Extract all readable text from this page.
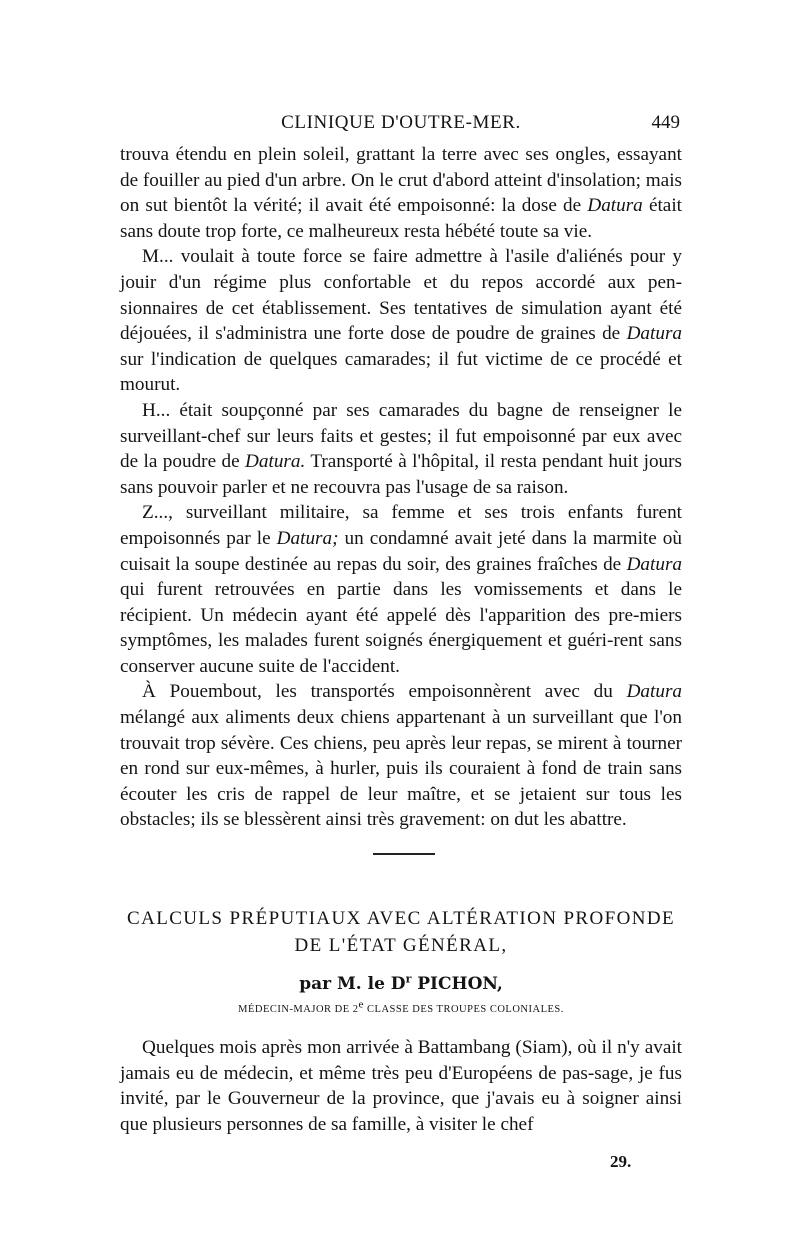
CLINIQUE D'OUTRE-MER.	449

trouva étendu en plein soleil, grattant la terre avec ses ongles, essayant de fouiller au pied d'un arbre. On le crut d'abord atteint d'insolation; mais on sut bientôt la vérité; il avait été empoisonné: la dose de Datura était sans doute trop forte, ce malheureux resta hébété toute sa vie.

M... voulait à toute force se faire admettre à l'asile d'aliénés pour y jouir d'un régime plus confortable et du repos accordé aux pen-sionnaires de cet établissement. Ses tentatives de simulation ayant été déjouées, il s'administra une forte dose de poudre de graines de Datura sur l'indication de quelques camarades; il fut victime de ce procédé et mourut.

H... était soupçonné par ses camarades du bagne de renseigner le surveillant-chef sur leurs faits et gestes; il fut empoisonné par eux avec de la poudre de Datura. Transporté à l'hôpital, il resta pendant huit jours sans pouvoir parler et ne recouvra pas l'usage de sa raison.

Z..., surveillant militaire, sa femme et ses trois enfants furent empoisonnés par le Datura; un condamné avait jeté dans la marmite où cuisait la soupe destinée au repas du soir, des graines fraîches de Datura qui furent retrouvées en partie dans les vomissements et dans le récipient. Un médecin ayant été appelé dès l'apparition des pre-miers symptômes, les malades furent soignés énergiquement et guéri-rent sans conserver aucune suite de l'accident.

À Pouembout, les transportés empoisonnèrent avec du Datura mélangé aux aliments deux chiens appartenant à un surveillant que l'on trouvait trop sévère. Ces chiens, peu après leur repas, se mirent à tourner en rond sur eux-mêmes, à hurler, puis ils couraient à fond de train sans écouter les cris de rappel de leur maître, et se jetaient sur tous les obstacles; ils se blessèrent ainsi très gravement: on dut les abattre.

CALCULS PRÉPUTIAUX AVEC ALTÉRATION PROFONDE
DE L'ÉTAT GÉNÉRAL,
par M. le $D^r$ PICHON,
MÉDECIN-MAJOR DE 2e CLASSE DES TROUPES COLONIALES.

Quelques mois après mon arrivée à Battambang (Siam), où il n'y avait jamais eu de médecin, et même très peu d'Européens de pas-sage, je fus invité, par le Gouverneur de la province, que j'avais eu à soigner ainsi que plusieurs personnes de sa famille, à visiter le chef

29.
